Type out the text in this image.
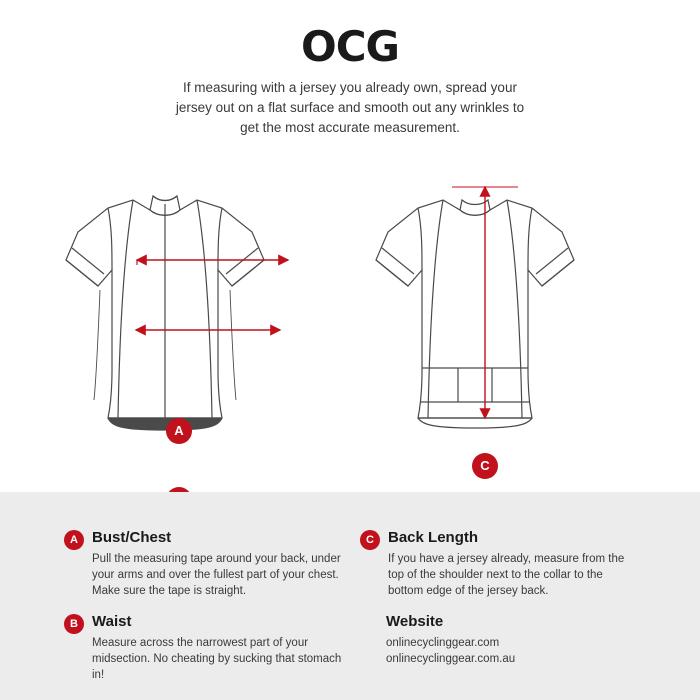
OCG
If measuring with a jersey you already own, spread your jersey out on a flat surface and smooth out any wrinkles to get the most accurate measurement.
A
C
A Bust/Chest
Pull the measuring tape around your back, under your arms and over the fullest part of your chest. Make sure the tape is straight.
B Waist
Measure across the narrowest part of your midsection. No cheating by sucking that stomach in!
C Back Length
If you have a jersey already, measure from the top of the shoulder next to the collar to the bottom edge of the jersey back.
Website
onlinecyclinggear.com
onlinecyclinggear.com.au
